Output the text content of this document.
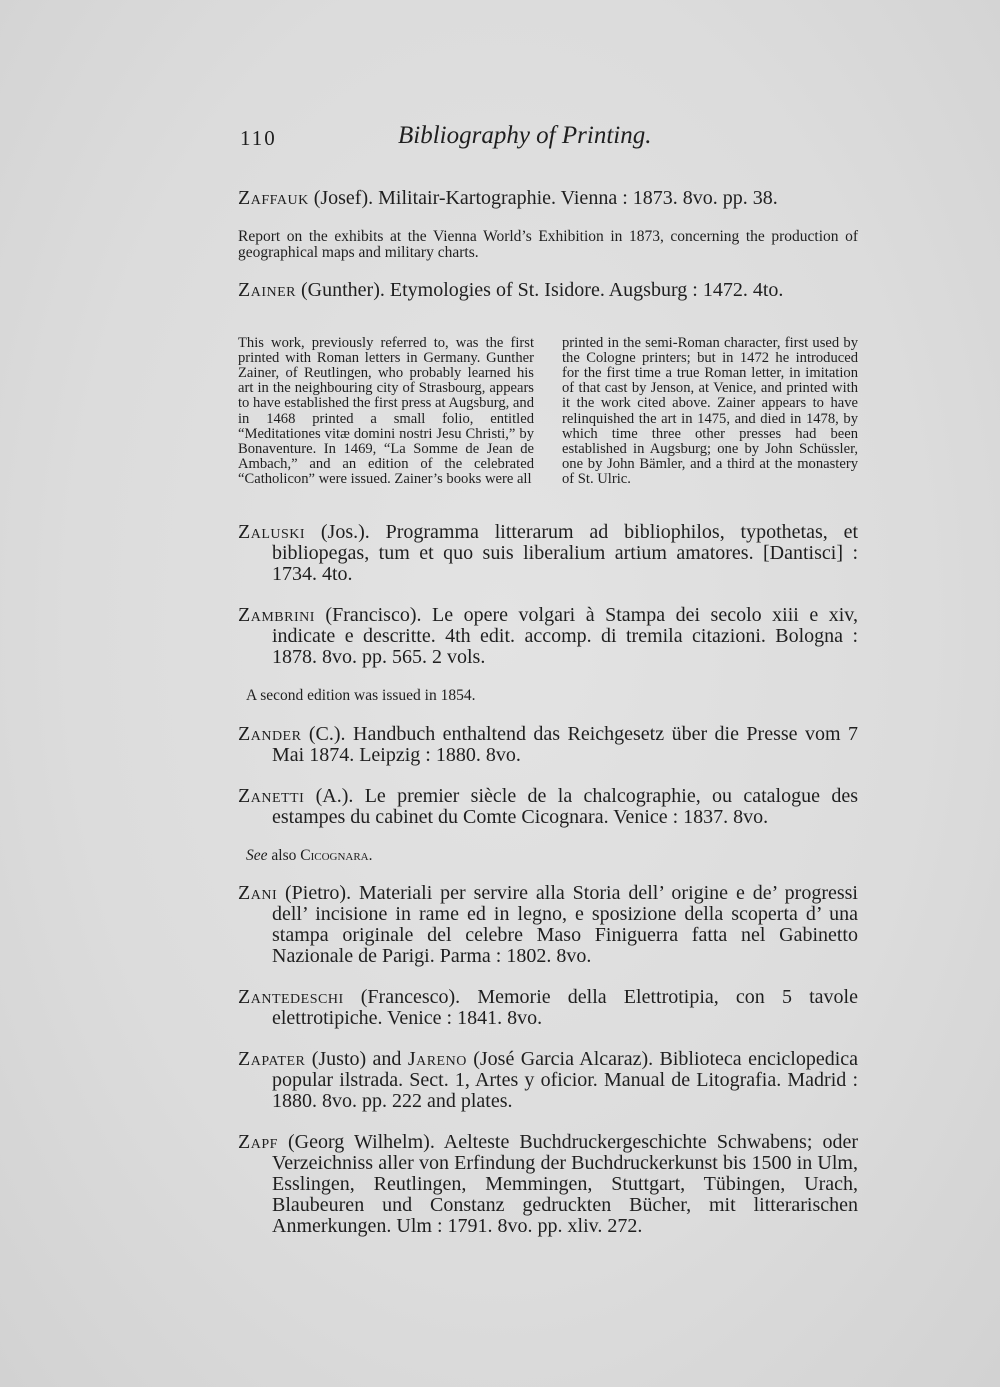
110	Bibliography of Printing.

Zaffauk (Josef). Militair-Kartographie. Vienna : 1873. 8vo. pp. 38.

Report on the exhibits at the Vienna World’s Exhibition in 1873, concerning the production of geographical maps and military charts.

Zainer (Gunther). Etymologies of St. Isidore. Augsburg : 1472. 4to.

This work, previously referred to, was the first printed with Roman letters in Germany. Gunther Zainer, of Reutlingen, who probably learned his art in the neighbouring city of Strasbourg, appears to have established the first press at Augsburg, and in 1468 printed a small folio, entitled “Meditationes vitæ domini nostri Jesu Christi,” by Bonaventure. In 1469, “La Somme de Jean de Ambach,” and an edition of the celebrated “Catholicon” were issued. Zainer’s books were all

printed in the semi-Roman character, first used by the Cologne printers; but in 1472 he introduced for the first time a true Roman letter, in imitation of that cast by Jenson, at Venice, and printed with it the work cited above. Zainer appears to have relinquished the art in 1475, and died in 1478, by which time three other presses had been established in Augsburg; one by John Schüssler, one by John Bämler, and a third at the monastery of St. Ulric.

Zaluski (Jos.). Programma litterarum ad bibliophilos, typothetas, et bibliopegas, tum et quo suis liberalium artium amatores. [Dantisci] : 1734. 4to.

Zambrini (Francisco). Le opere volgari à Stampa dei secolo xiii e xiv, indicate e descritte. 4th edit. accomp. di tremila citazioni. Bologna : 1878. 8vo. pp. 565. 2 vols.

A second edition was issued in 1854.

Zander (C.). Handbuch enthaltend das Reichgesetz über die Presse vom 7 Mai 1874. Leipzig : 1880. 8vo.

Zanetti (A.). Le premier siècle de la chalcographie, ou catalogue des estampes du cabinet du Comte Cicognara. Venice : 1837. 8vo.

See also Cicognara.

Zani (Pietro). Materiali per servire alla Storia dell’ origine e de’ progressi dell’ incisione in rame ed in legno, e sposizione della scoperta d’ una stampa originale del celebre Maso Finiguerra fatta nel Gabinetto Nazionale de Parigi. Parma : 1802. 8vo.

Zantedeschi (Francesco). Memorie della Elettrotipia, con 5 tavole elettrotipiche. Venice : 1841. 8vo.

Zapater (Justo) and Jareno (José Garcia Alcaraz). Biblioteca enciclopedica popular ilstrada. Sect. 1, Artes y oficior. Manual de Litografia. Madrid : 1880. 8vo. pp. 222 and plates.

Zapf (Georg Wilhelm). Aelteste Buchdruckergeschichte Schwabens; oder Verzeichniss aller von Erfindung der Buchdruckerkunst bis 1500 in Ulm, Esslingen, Reutlingen, Memmingen, Stuttgart, Tübingen, Urach, Blaubeuren und Constanz gedruckten Bücher, mit litterarischen Anmerkungen. Ulm : 1791. 8vo. pp. xliv. 272.
